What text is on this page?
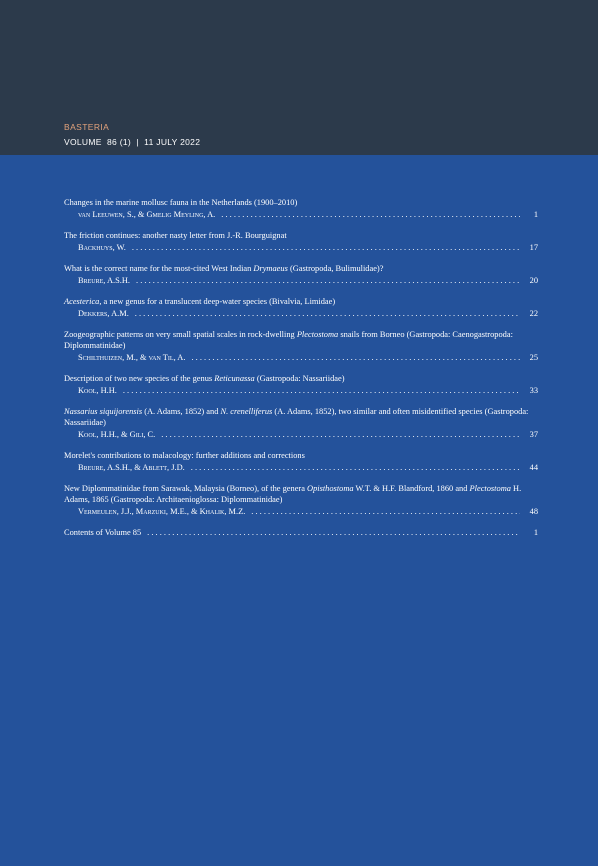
BASTERIA
VOLUME  86 (1)  |  11 JULY 2022
Changes in the marine mollusc fauna in the Netherlands (1900–2010)
van Leeuwen, S., & Gmelig Meyling, A. . . .	1
The friction continues: another nasty letter from J.-R. Bourguignat
Backhuys, W. . . .	17
What is the correct name for the most-cited West Indian Drymaeus (Gastropoda, Bulimulidae)?
Breure, A.S.H. . . .	20
Acesterica, a new genus for a translucent deep-water species (Bivalvia, Limidae)
Dekkers, A.M. . . .	22
Zoogeographic patterns on very small spatial scales in rock-dwelling Plectostoma snails from Borneo (Gastropoda: Caenogastropoda: Diplommatinidae)
Schilthuizen, M., & van Til, A. . . .	25
Description of two new species of the genus Reticunassa (Gastropoda: Nassariidae)
Kool, H.H. . . .	33
Nassarius siquijorensis (A. Adams, 1852) and N. crenelliferus (A. Adams, 1852), two similar and often misidentified species (Gastropoda: Nassariidae)
Kool, H.H., & Gili, C. . . .	37
Morelet's contributions to malacology: further additions and corrections
Breure, A.S.H., & Ablett, J.D. . . .	44
New Diplommatinidae from Sarawak, Malaysia (Borneo), of the genera Opisthostoma W.T. & H.F. Blandford, 1860 and Plectostoma H. Adams, 1865 (Gastropoda: Architaenioglossa: Diplommatinidae)
Vermeulen, J.J., Marzuki, M.E., & Khalik, M.Z. . . .	48
Contents of Volume 85 . . .	1
